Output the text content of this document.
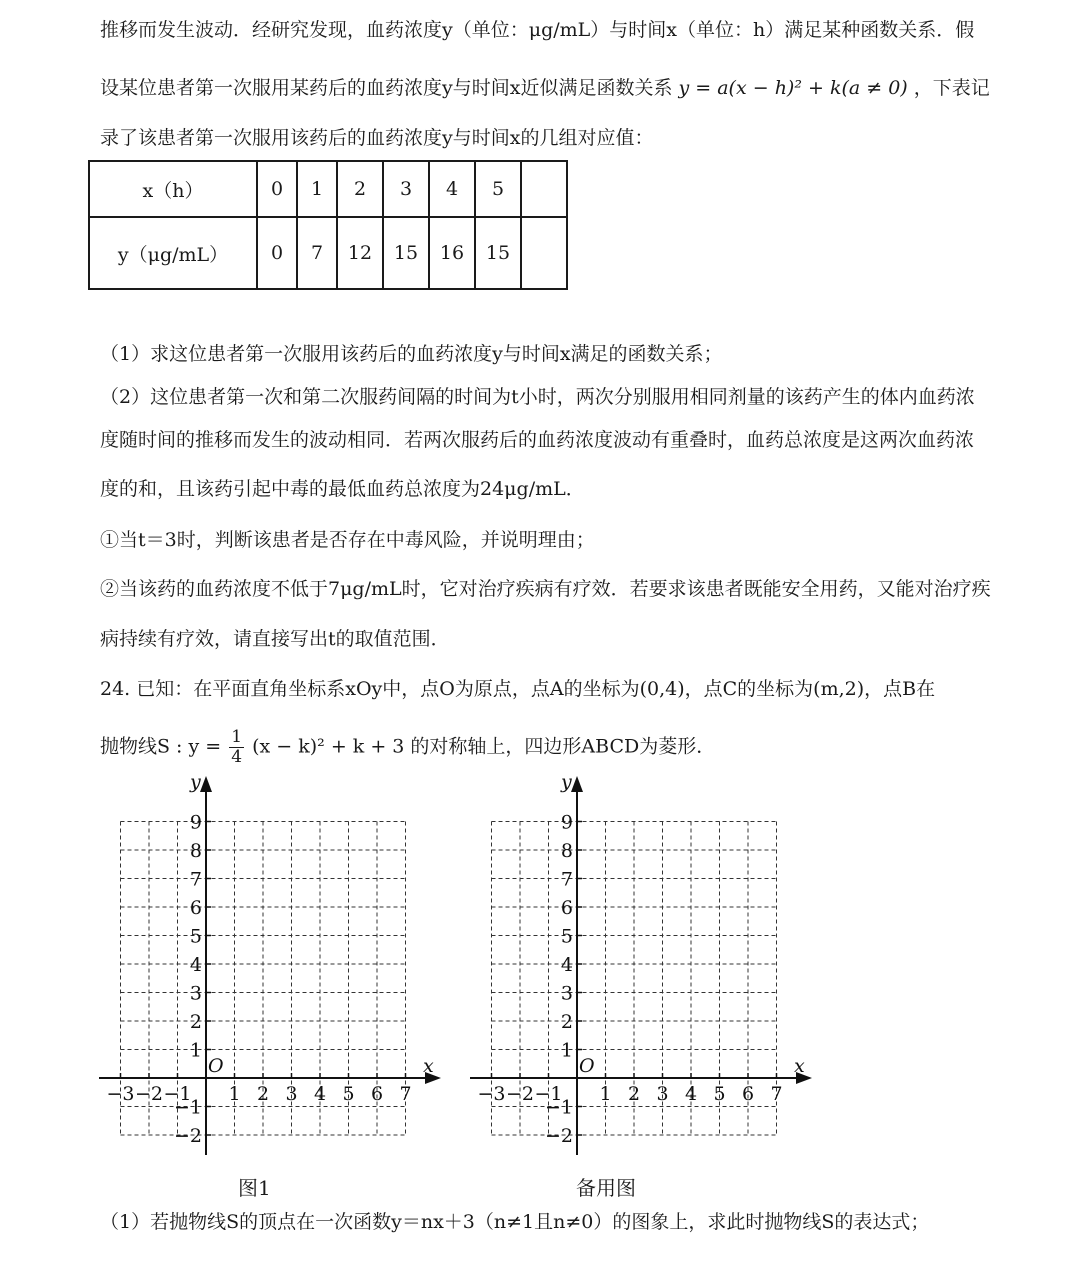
推移而发生波动．经研究发现，血药浓度y（单位：μg/mL）与时间x（单位：h）满足某种函数关系．假
设某位患者第一次服用某药后的血药浓度y与时间x近似满足函数关系 y = a(x − h)² + k(a ≠ 0) ，下表记
录了该患者第一次服用该药后的血药浓度y与时间x的几组对应值：
x（h）	0	1	2	3	4	5	
y（μg/mL）	0	7	12	15	16	15	
（1）求这位患者第一次服用该药后的血药浓度y与时间x满足的函数关系；
（2）这位患者第一次和第二次服药间隔的时间为t小时，两次分别服用相同剂量的该药产生的体内血药浓
度随时间的推移而发生的波动相同．若两次服药后的血药浓度波动有重叠时，血药总浓度是这两次血药浓
度的和，且该药引起中毒的最低血药总浓度为24μg/mL．
①当t＝3时，判断该患者是否存在中毒风险，并说明理由；
②当该药的血药浓度不低于7μg/mL时，它对治疗疾病有疗效．若要求该患者既能安全用药，又能对治疗疾
病持续有疗效，请直接写出t的取值范围．
24. 已知：在平面直角坐标系xOy中，点O为原点，点A的坐标为(0,4)，点C的坐标为(m,2)，点B在
抛物线S : $y = \frac{1}{4} (x - k)^2 + k + 3$ 的对称轴上，四边形ABCD为菱形．
−3 −2 −1 1 2 3 4 5 6 7
9
8
7
6
5
4
3
2
1
−1
−2
O	x
y
−3 −2 −1 1 2 3 4 5 6 7
9
8
7
6
5
4
3
2
1
−1
−2
O	x
y
图1	备用图
（1）若抛物线S的顶点在一次函数y＝nx＋3（n≠1且n≠0）的图象上，求此时抛物线S的表达式；
